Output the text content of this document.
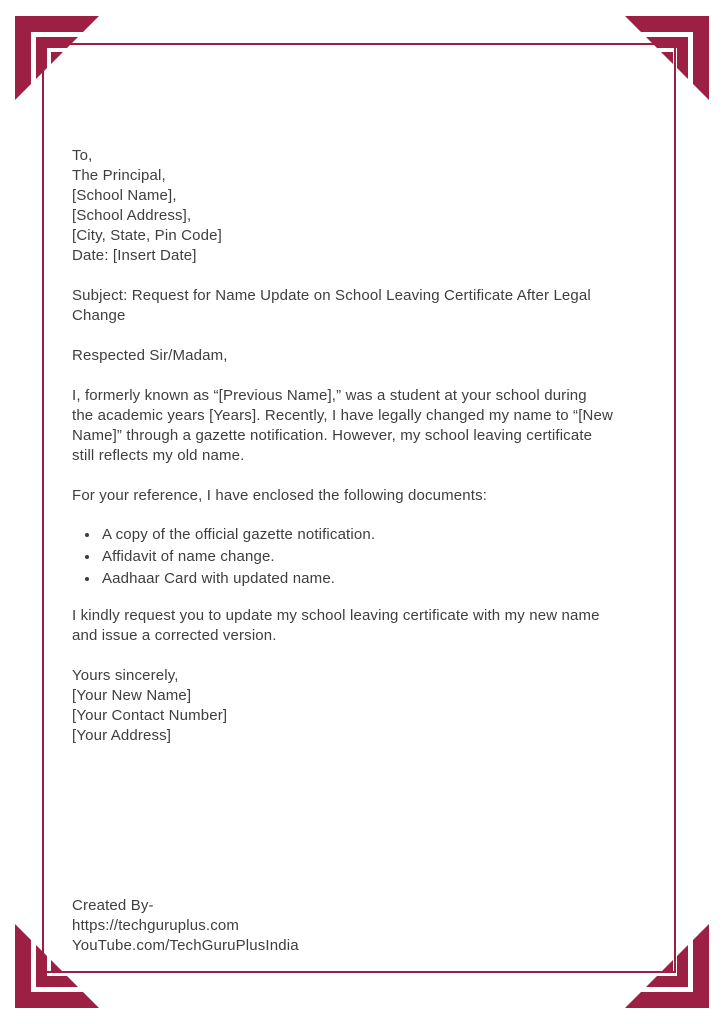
To,
The Principal,
[School Name],
[School Address],
[City, State, Pin Code]
Date: [Insert Date]
Subject: Request for Name Update on School Leaving Certificate After Legal
Change
Respected Sir/Madam,
I, formerly known as “[Previous Name],” was a student at your school during
the academic years [Years]. Recently, I have legally changed my name to “[New
Name]” through a gazette notification. However, my school leaving certificate
still reflects my old name.
For your reference, I have enclosed the following documents:
• A copy of the official gazette notification.
• Affidavit of name change.
• Aadhaar Card with updated name.
I kindly request you to update my school leaving certificate with my new name
and issue a corrected version.
Yours sincerely,
[Your New Name]
[Your Contact Number]
[Your Address]
Created By-
https://techguruplus.com
YouTube.com/TechGuruPlusIndia
